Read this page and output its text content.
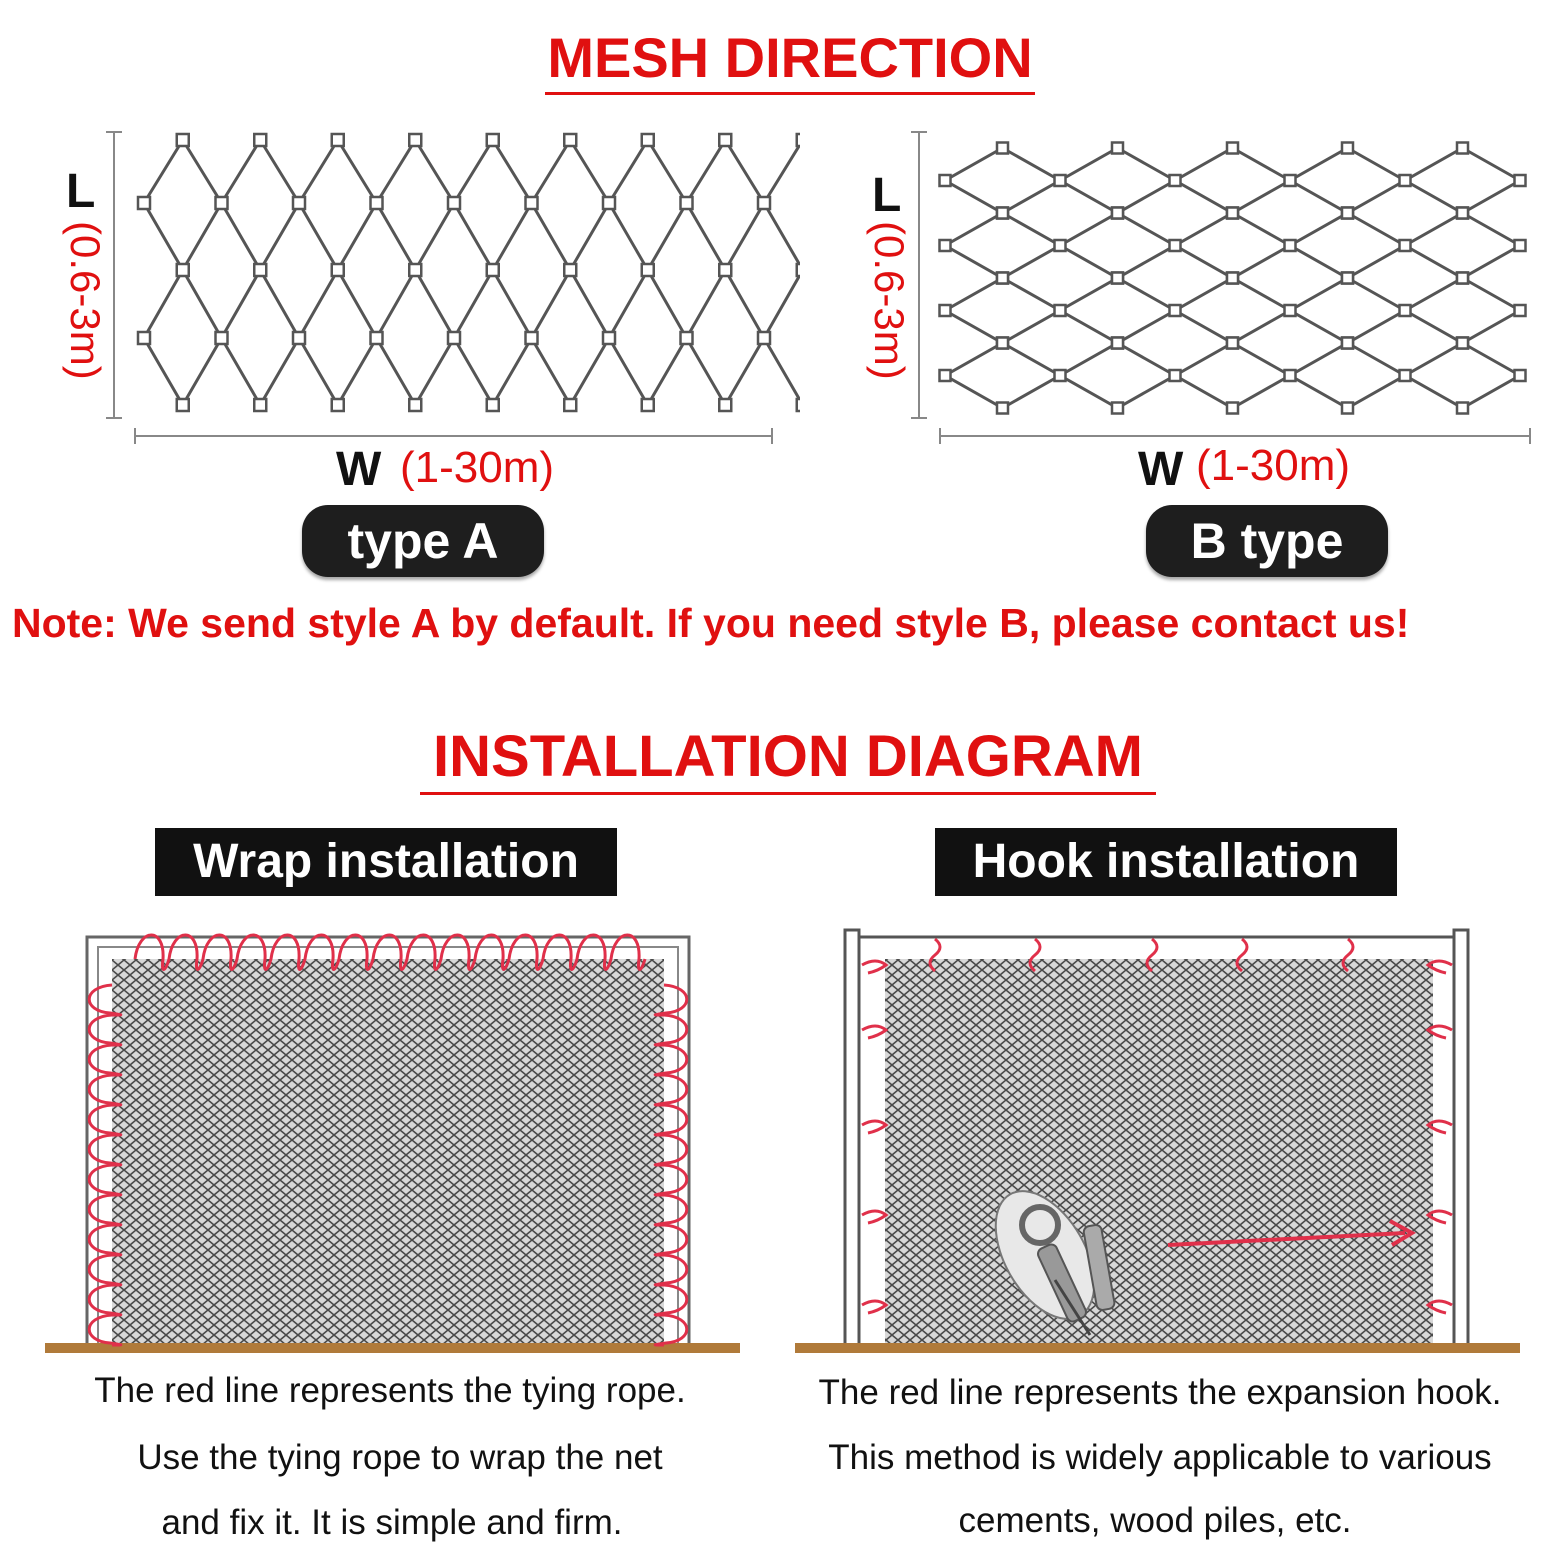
MESH DIRECTION
L
(0.6-3m)
W (1-30m)
type A
L
(0.6-3m)
W (1-30m)
B type
Note: We send style A by default. If you need style B, please contact us!
INSTALLATION DIAGRAM
Wrap installation	Hook installation
The red line represents the tying rope.
Use the tying rope to wrap the net
and fix it. It is simple and firm.
The red line represents the expansion hook.
This method is widely applicable to various
cements, wood piles, etc.
